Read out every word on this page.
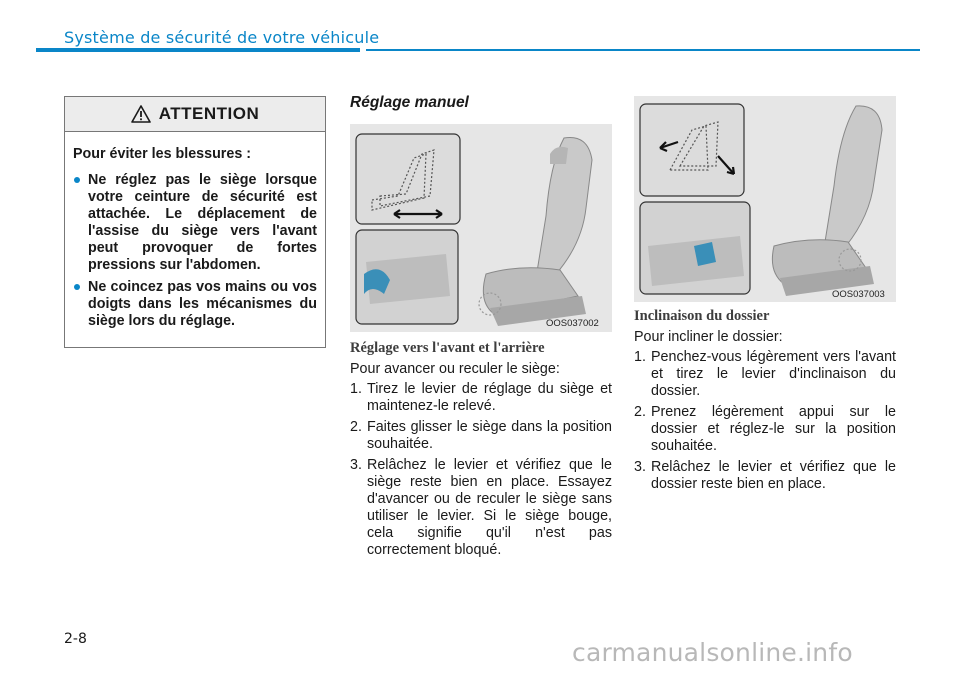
Système de sécurité de votre véhicule
ATTENTION
Pour éviter les blessures :
Ne réglez pas le siège lorsque votre ceinture de sécurité est attachée. Le déplacement de l'assise du siège vers l'avant peut provoquer de fortes pressions sur l'abdomen.
Ne coincez pas vos mains ou vos doigts dans les mécanismes du siège lors du réglage.
Réglage manuel
OOS037002
OOS037003
Réglage vers l'avant et l'arrière

Pour avancer ou reculer le siège:

1. Tirez le levier de réglage du siège et maintenez-le relevé.
2. Faites glisser le siège dans la position souhaitée.
3. Relâchez le levier et vérifiez que le siège reste bien en place. Essayez d'avancer ou de reculer le siège sans utiliser le levier. Si le siège bouge, cela signifie qu'il n'est pas correctement bloqué.
Inclinaison du dossier

Pour incliner le dossier:

1. Penchez-vous légèrement vers l'avant et tirez le levier d'inclinaison du dossier.
2. Prenez légèrement appui sur le dossier et réglez-le sur la position souhaitée.
3. Relâchez le levier et vérifiez que le dossier reste bien en place.
2-8	carmanualsonline.info
